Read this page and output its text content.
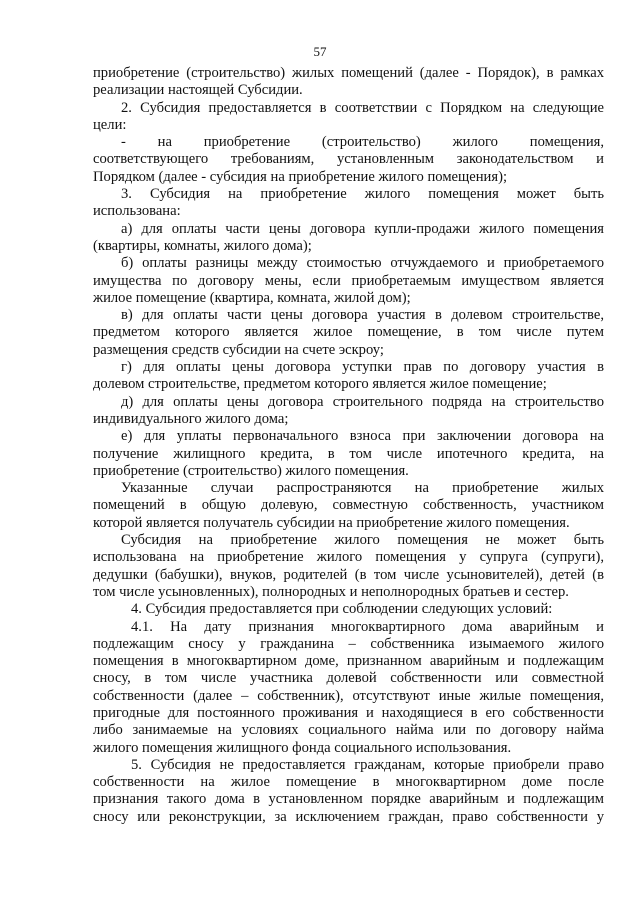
57
приобретение (строительство) жилых помещений (далее - Порядок), в рамках
реализации настоящей Субсидии.
2. Субсидия предоставляется в соответствии с Порядком на следующие
цели:
- на приобретение (строительство) жилого помещения,
соответствующего требованиям, установленным законодательством и
Порядком (далее - субсидия на приобретение жилого помещения);
3. Субсидия на приобретение жилого помещения может быть
использована:
а) для оплаты части цены договора купли-продажи жилого помещения
(квартиры, комнаты, жилого дома);
б) оплаты разницы между стоимостью отчуждаемого и приобретаемого
имущества по договору мены, если приобретаемым имуществом является
жилое помещение (квартира, комната, жилой дом);
в) для оплаты части цены договора участия в долевом строительстве,
предметом которого является жилое помещение, в том числе путем
размещения средств субсидии на счете эскроу;
г) для оплаты цены договора уступки прав по договору участия в
долевом строительстве, предметом которого является жилое помещение;
д) для оплаты цены договора строительного подряда на строительство
индивидуального жилого дома;
е) для уплаты первоначального взноса при заключении договора на
получение жилищного кредита, в том числе ипотечного кредита, на
приобретение (строительство) жилого помещения.
Указанные случаи распространяются на приобретение жилых
помещений в общую долевую, совместную собственность, участником
которой является получатель субсидии на приобретение жилого помещения.
Субсидия на приобретение жилого помещения не может быть
использована на приобретение жилого помещения у супруга (супруги),
дедушки (бабушки), внуков, родителей (в том числе усыновителей), детей (в
том числе усыновленных), полнородных и неполнородных братьев и сестер.
4. Субсидия предоставляется при соблюдении следующих условий:
4.1. На дату признания многоквартирного дома аварийным и
подлежащим сносу у гражданина – собственника изымаемого жилого
помещения в многоквартирном доме, признанном аварийным и подлежащим
сносу, в том числе участника долевой собственности или совместной
собственности (далее – собственник), отсутствуют иные жилые помещения,
пригодные для постоянного проживания и находящиеся в его собственности
либо занимаемые на условиях социального найма или по договору найма
жилого помещения жилищного фонда социального использования.
5. Субсидия не предоставляется гражданам, которые приобрели право
собственности на жилое помещение в многоквартирном доме после
признания такого дома в установленном порядке аварийным и подлежащим
сносу или реконструкции, за исключением граждан, право собственности у
